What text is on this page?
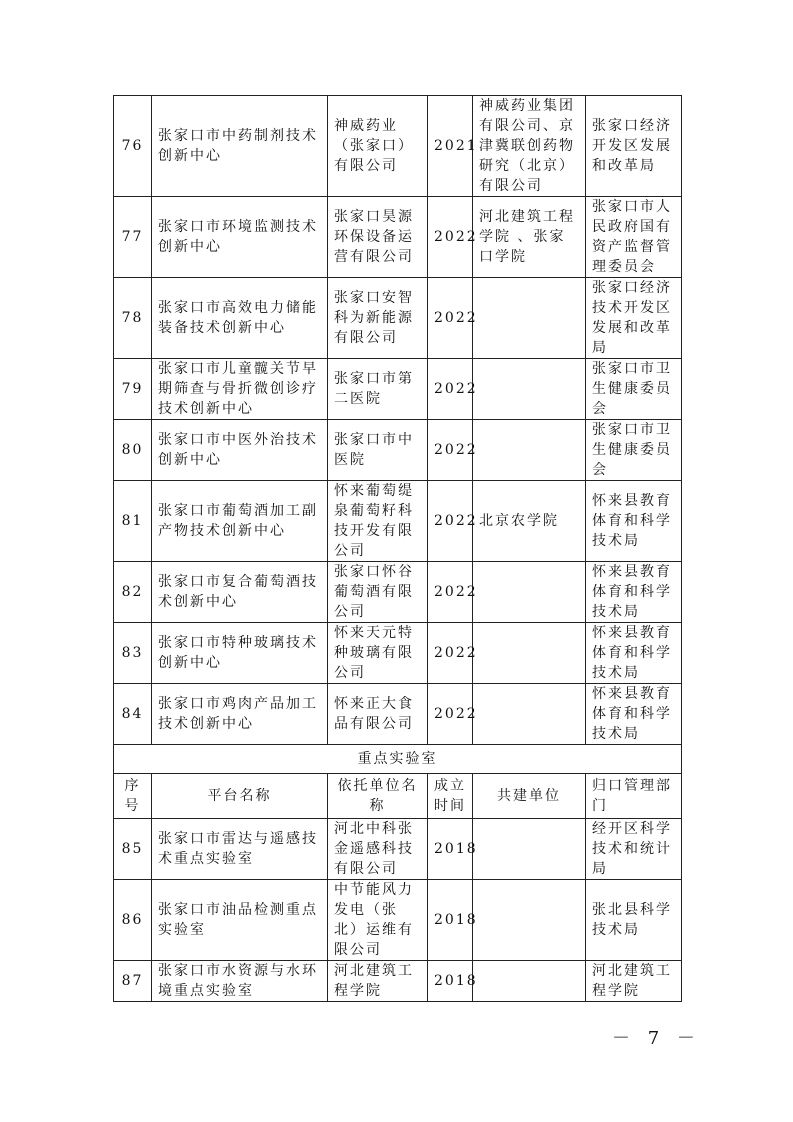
76	张家口市中药制剂技术创新中心	神威药业（张家口）有限公司	2021	神威药业集团有限公司、京津冀联创药物研究（北京）有限公司	张家口经济开发区发展和改革局
77	张家口市环境监测技术创新中心	张家口昊源环保设备运营有限公司	2022	河北建筑工程学院 、张家口学院	张家口市人民政府国有资产监督管理委员会
78	张家口市高效电力储能装备技术创新中心	张家口安智科为新能源有限公司	2022		张家口经济技术开发区发展和改革局
79	张家口市儿童髋关节早期筛查与骨折微创诊疗技术创新中心	张家口市第二医院	2022		张家口市卫生健康委员会
80	张家口市中医外治技术创新中心	张家口市中医院	2022		张家口市卫生健康委员会
81	张家口市葡萄酒加工副产物技术创新中心	怀来葡萄缇泉葡萄籽科技开发有限公司	2022	北京农学院	怀来县教育体育和科学技术局
82	张家口市复合葡萄酒技术创新中心	张家口怀谷葡萄酒有限公司	2022		怀来县教育体育和科学技术局
83	张家口市特种玻璃技术创新中心	怀来天元特种玻璃有限公司	2022		怀来县教育体育和科学技术局
84	张家口市鸡肉产品加工技术创新中心	怀来正大食品有限公司	2022		怀来县教育体育和科学技术局
重点实验室					
序号	平台名称	依托单位名称	成立时间	共建单位	归口管理部门
85	张家口市雷达与遥感技术重点实验室	河北中科张金遥感科技有限公司	2018		经开区科学技术和统计局
86	张家口市油品检测重点实验室	中节能风力发电（张北）运维有限公司	2018		张北县科学技术局
87	张家口市水资源与水环境重点实验室	河北建筑工程学院	2018		河北建筑工程学院
－ 7 －
